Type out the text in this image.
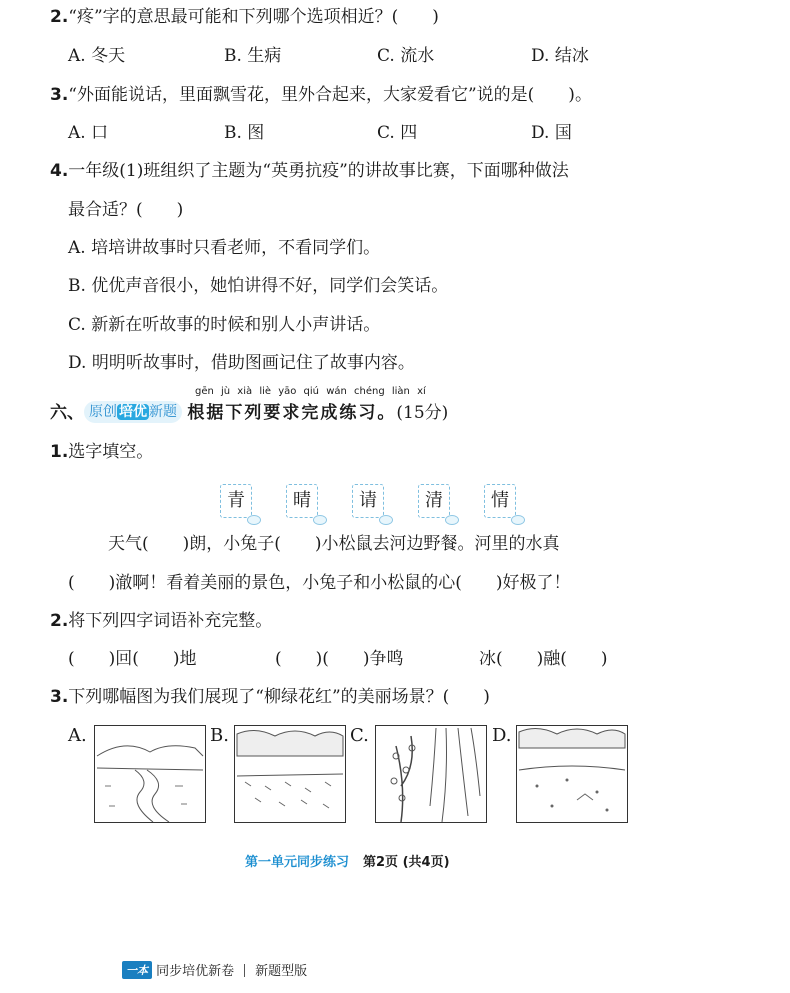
2.“疼”字的意思最可能和下列哪个选项相近？(　　)
A. 冬天	B. 生病	C. 流水	D. 结冰
3.“外面能说话，里面飘雪花，里外合起来，大家爱看它”说的是(　　)。
A. 口	B. 图	C. 四	D. 国
4.一年级(1)班组织了主题为“英勇抗疫”的讲故事比赛，下面哪种做法
最合适？(　　)
A. 培培讲故事时只看老师，不看同学们。
B. 优优声音很小，她怕讲得不好，同学们会笑话。
C. 新新在听故事的时候和别人小声讲话。
D. 明明听故事时，借助图画记住了故事内容。
gēn jù xià liè yāo qiú wán chéng liàn xí
六、 原创 培优 新题 根据下列要求完成练习。(15分)
1.选字填空。
青	晴	请	清	情
天气(　　)朗，小兔子(　　)小松鼠去河边野餐。河里的水真
(　　)澈啊！看着美丽的景色，小兔子和小松鼠的心(　　)好极了！
2.将下列四字词语补充完整。
(　　)回(　　)地	(　　)(　　)争鸣	冰(　　)融(　　)
3.下列哪幅图为我们展现了“柳绿花红”的美丽场景？(　　)
A.	B.	C.	D.
第一单元同步练习 第2页 (共4页)
一本 同步培优新卷 新题型版
